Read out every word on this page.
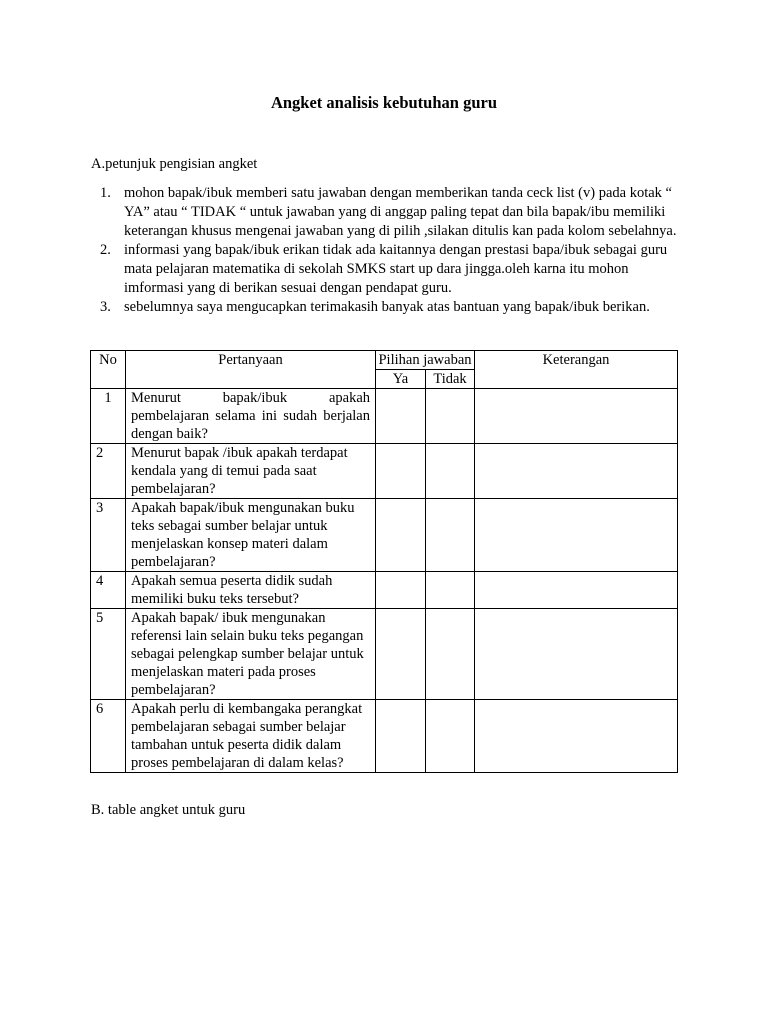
Angket analisis kebutuhan guru
A.petunjuk pengisian angket
1. mohon bapak/ibuk memberi satu jawaban dengan memberikan tanda ceck list (v) pada kotak “ YA” atau “ TIDAK “ untuk jawaban yang di anggap paling tepat dan bila bapak/ibu memiliki keterangan khusus mengenai jawaban yang di pilih ,silakan ditulis kan pada kolom sebelahnya.
2. informasi yang bapak/ibuk erikan tidak ada kaitannya dengan prestasi bapa/ibuk sebagai guru mata pelajaran matematika di sekolah SMKS start up dara jingga.oleh karna itu mohon imformasi yang di berikan sesuai dengan pendapat guru.
3. sebelumnya saya mengucapkan terimakasih banyak atas bantuan yang bapak/ibuk berikan.
No	Pertanyaan	Pilihan jawaban		Keterangan
		Ya	Tidak	
1	Menurut bapak/ibuk apakah pembelajaran selama ini sudah berjalan dengan baik?			
2	Menurut bapak /ibuk apakah terdapat kendala yang di temui pada saat pembelajaran?			
3	Apakah bapak/ibuk mengunakan buku teks sebagai sumber belajar untuk menjelaskan konsep materi dalam pembelajaran?			
4	Apakah semua peserta didik sudah memiliki buku teks tersebut?			
5	Apakah bapak/ ibuk mengunakan referensi lain selain buku teks pegangan sebagai pelengkap sumber belajar untuk menjelaskan materi pada proses pembelajaran?			
6	Apakah perlu di kembangaka perangkat pembelajaran sebagai sumber belajar tambahan untuk peserta didik dalam proses pembelajaran di dalam kelas?			
B. table angket untuk guru
